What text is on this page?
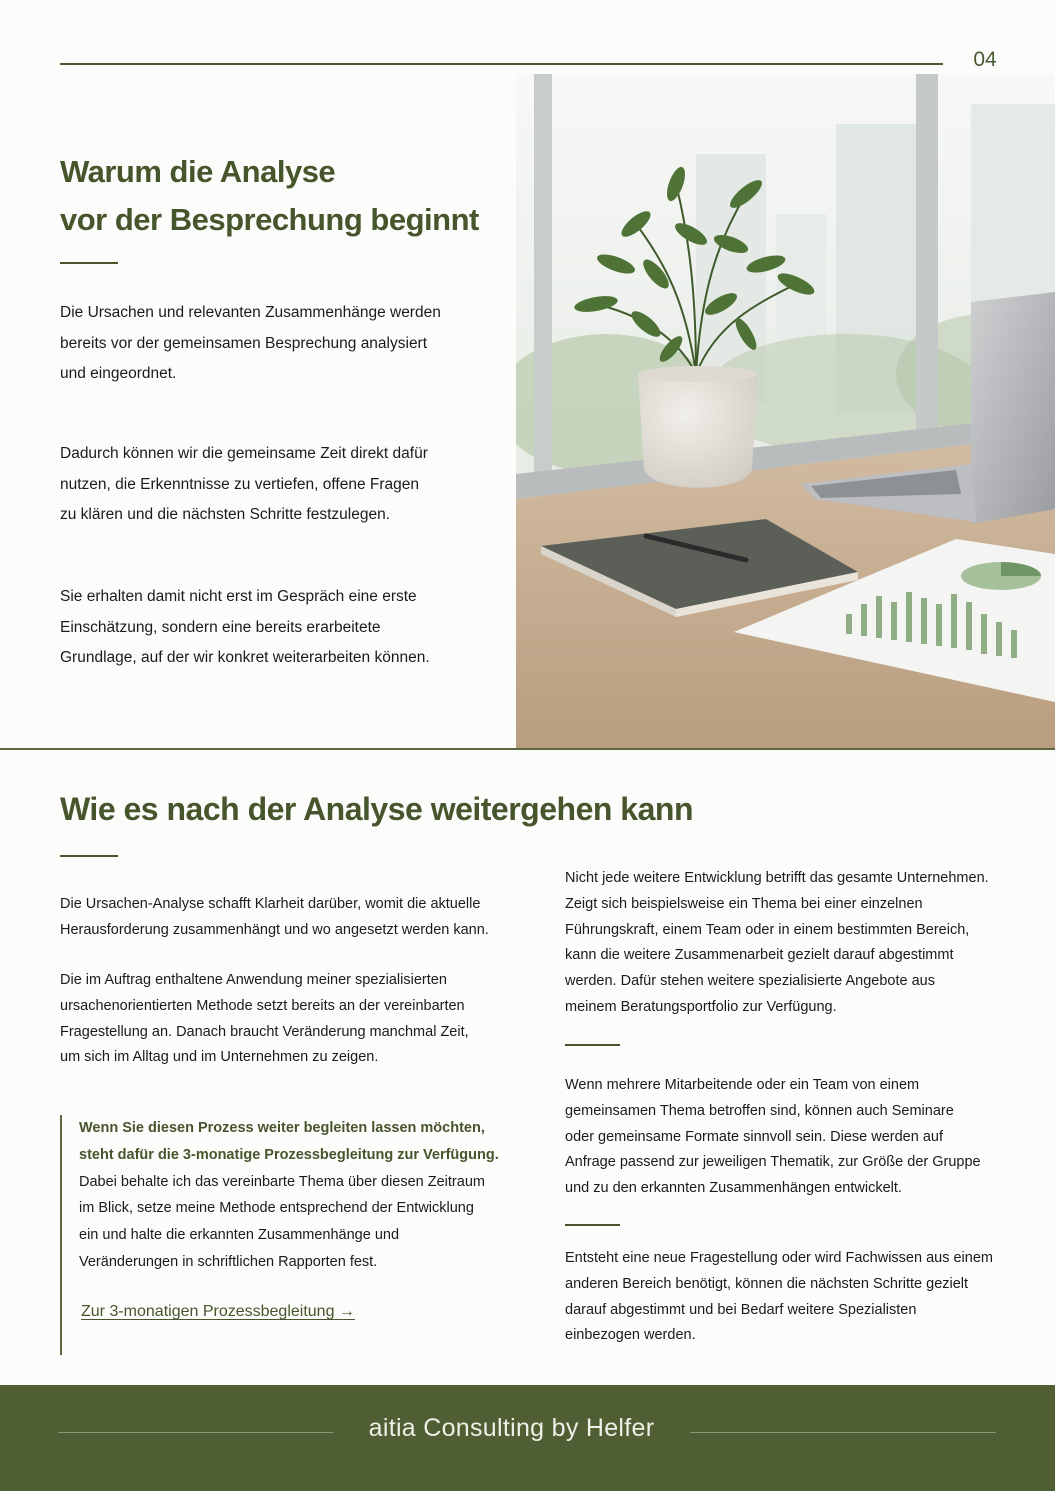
04
Warum die Analyse
vor der Besprechung beginnt
Die Ursachen und relevanten Zusammenhänge werden
bereits vor der gemeinsamen Besprechung analysiert
und eingeordnet.
Dadurch können wir die gemeinsame Zeit direkt dafür
nutzen, die Erkenntnisse zu vertiefen, offene Fragen
zu klären und die nächsten Schritte festzulegen.
Sie erhalten damit nicht erst im Gespräch eine erste
Einschätzung, sondern eine bereits erarbeitete
Grundlage, auf der wir konkret weiterarbeiten können.
Wie es nach der Analyse weitergehen kann
Die Ursachen-Analyse schafft Klarheit darüber, womit die aktuelle
Herausforderung zusammenhängt und wo angesetzt werden kann.
Die im Auftrag enthaltene Anwendung meiner spezialisierten
ursachenorientierten Methode setzt bereits an der vereinbarten
Fragestellung an. Danach braucht Veränderung manchmal Zeit,
um sich im Alltag und im Unternehmen zu zeigen.

Wenn Sie diesen Prozess weiter begleiten lassen möchten,
steht dafür die 3-monatige Prozessbegleitung zur Verfügung.
Dabei behalte ich das vereinbarte Thema über diesen Zeitraum
im Blick, setze meine Methode entsprechend der Entwicklung
ein und halte die erkannten Zusammenhänge und
Veränderungen in schriftlichen Rapporten fest.

Zur 3-monatigen Prozessbegleitung →
Nicht jede weitere Entwicklung betrifft das gesamte Unternehmen.
Zeigt sich beispielsweise ein Thema bei einer einzelnen
Führungskraft, einem Team oder in einem bestimmten Bereich,
kann die weitere Zusammenarbeit gezielt darauf abgestimmt
werden. Dafür stehen weitere spezialisierte Angebote aus
meinem Beratungsportfolio zur Verfügung.
Wenn mehrere Mitarbeitende oder ein Team von einem
gemeinsamen Thema betroffen sind, können auch Seminare
oder gemeinsame Formate sinnvoll sein. Diese werden auf
Anfrage passend zur jeweiligen Thematik, zur Größe der Gruppe
und zu den erkannten Zusammenhängen entwickelt.
Entsteht eine neue Fragestellung oder wird Fachwissen aus einem
anderen Bereich benötigt, können die nächsten Schritte gezielt
darauf abgestimmt und bei Bedarf weitere Spezialisten
einbezogen werden.
aitia Consulting by Helfer
